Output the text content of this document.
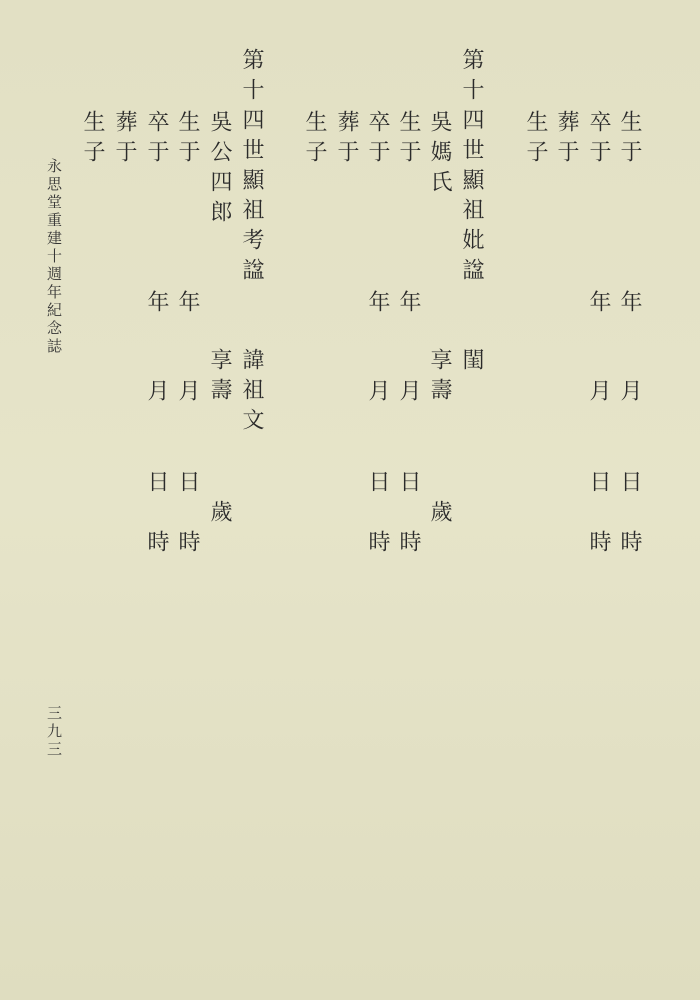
永思堂重建十週年紀念誌
三九三
生于
年
月
日
時
卒于
年
月
日
時
葬于
生子
第十四世顯祖妣諡
閨
吳媽氏
享壽
歲
生于
年
月
日
時
卒于
年
月
日
時
葬于
生子
第十四世顯祖考諡
諱祖文
吳公四郎
享壽
歲
生于
年
月
日
時
卒于
年
月
日
時
葬于
生子
